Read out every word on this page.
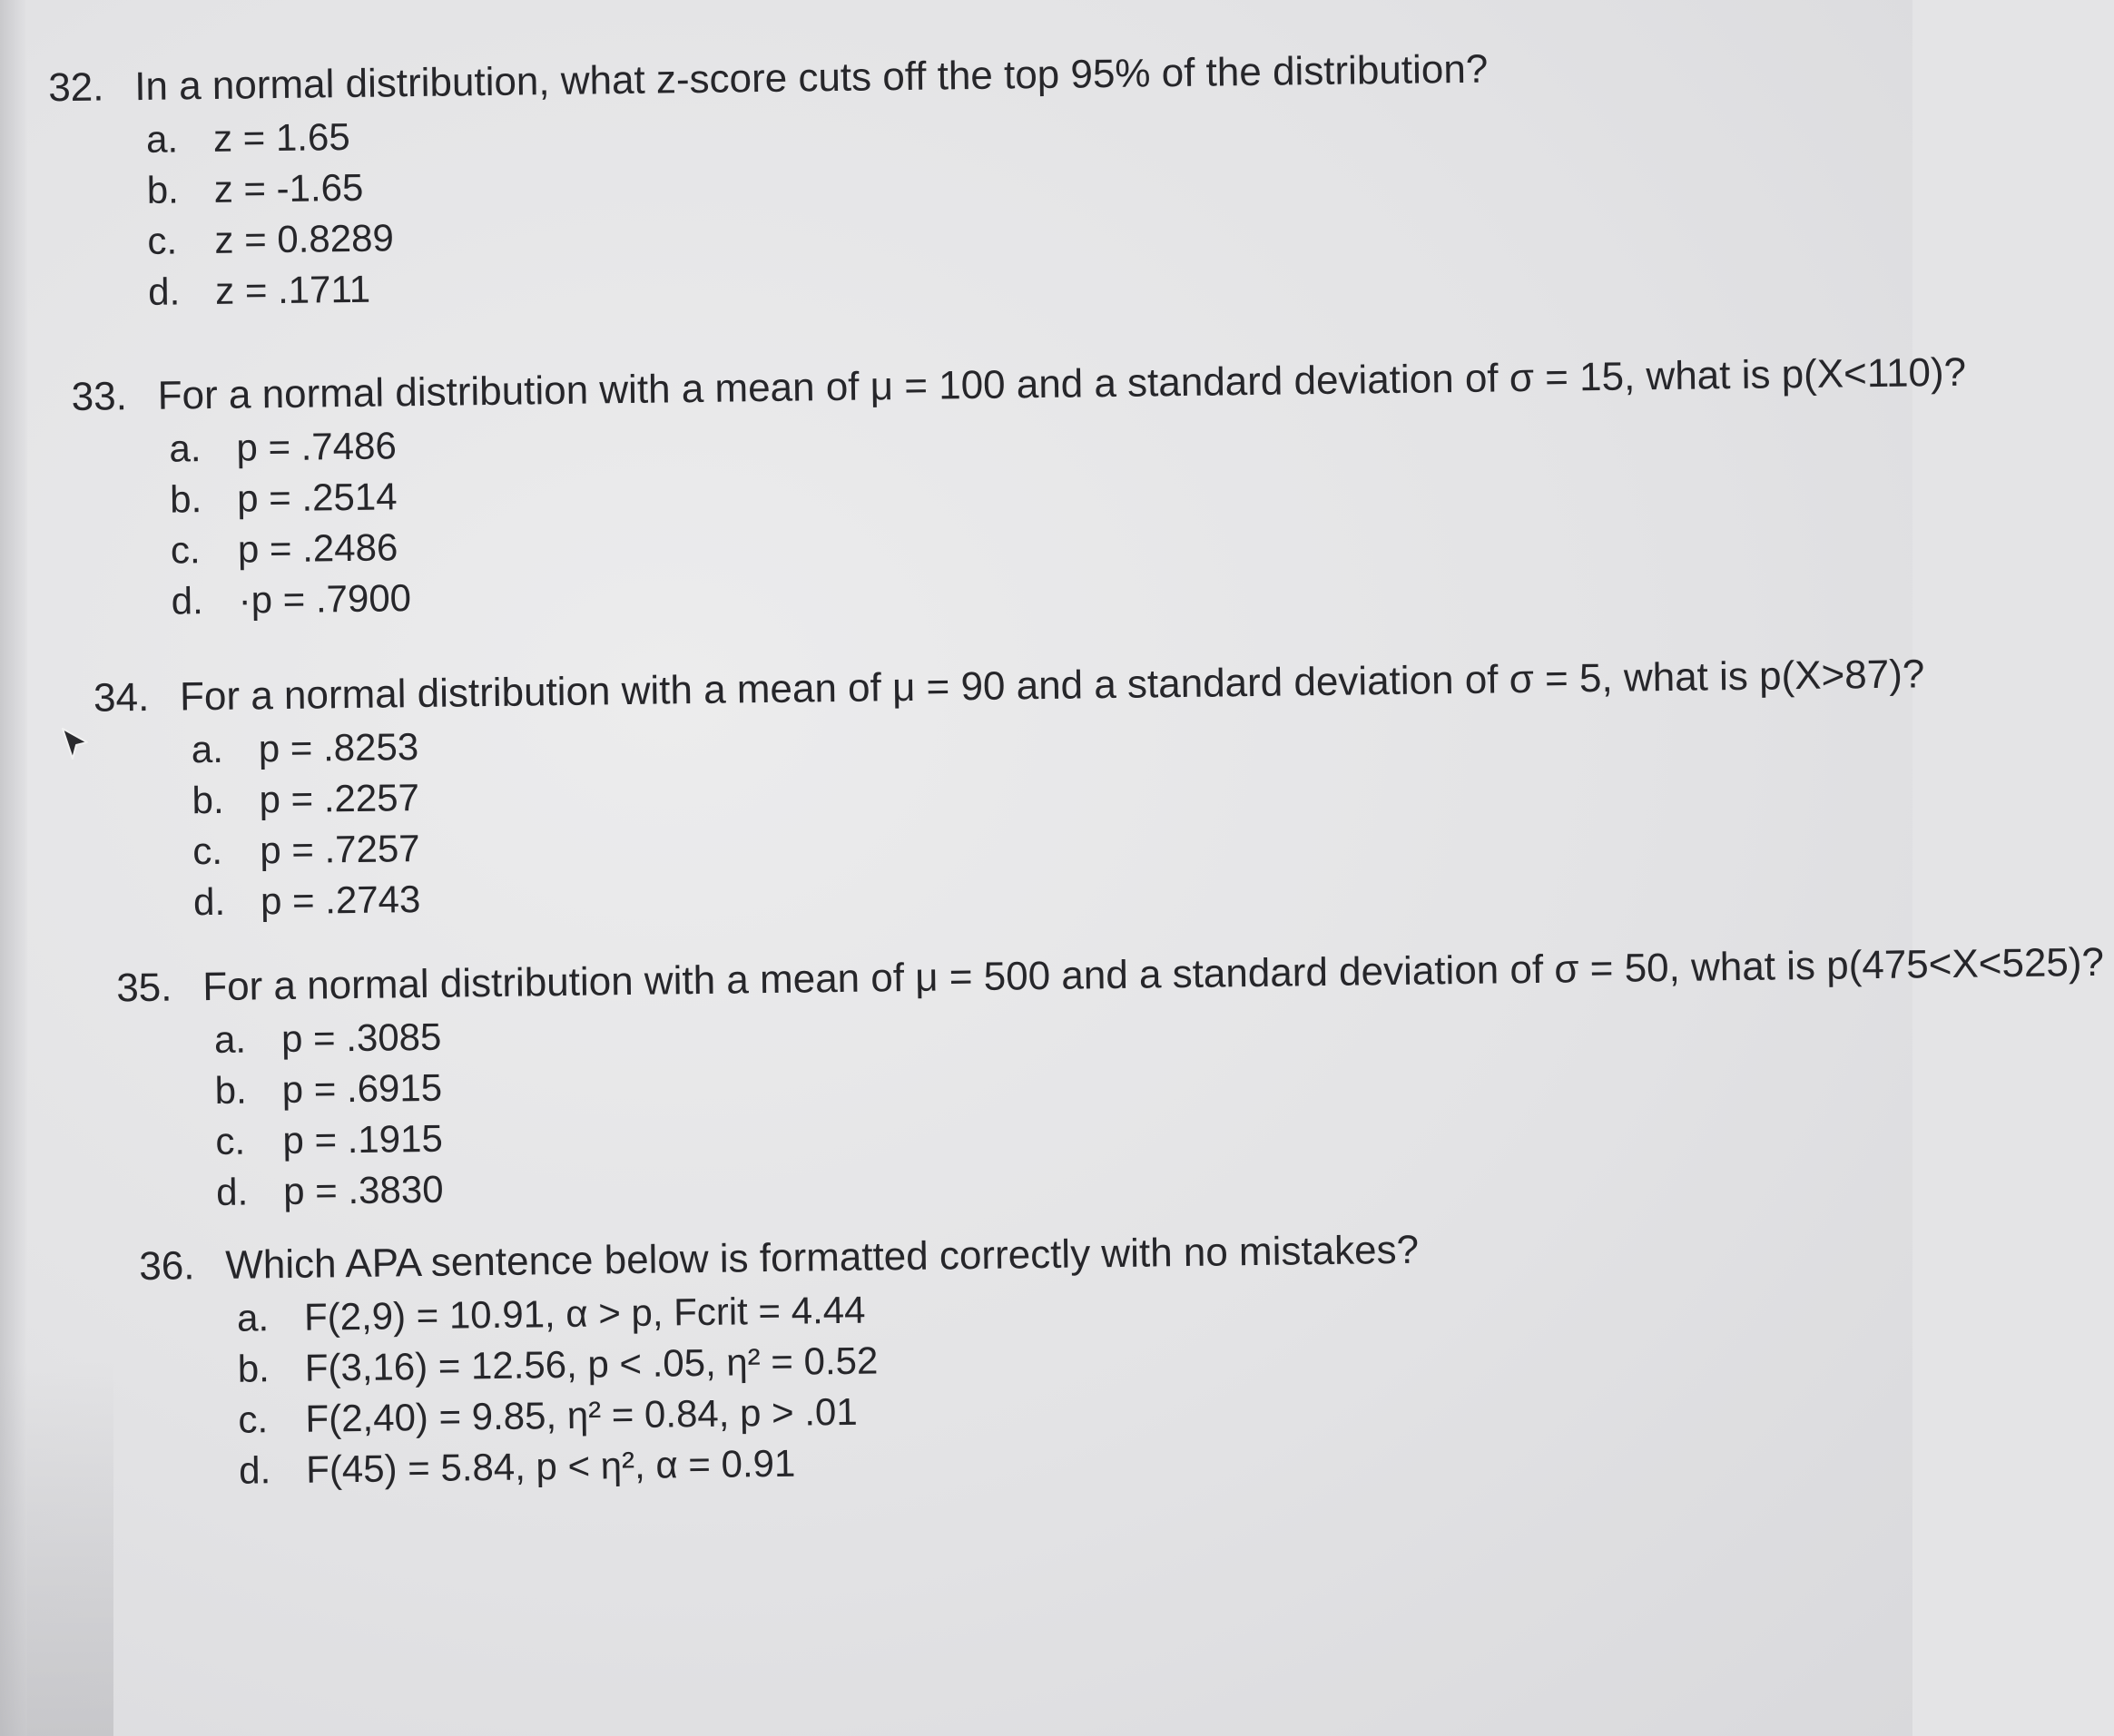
32. In a normal distribution, what z-score cuts off the top 95% of the distribution?
a. z = 1.65
b. z = -1.65
c. z = 0.8289
d. z = .1711
33. For a normal distribution with a mean of μ = 100 and a standard deviation of σ = 15, what is p(X<110)?
a. p = .7486
b. p = .2514
c. p = .2486
d. ·p = .7900
34. For a normal distribution with a mean of μ = 90 and a standard deviation of σ = 5, what is p(X>87)?
a. p = .8253
b. p = .2257
c. p = .7257
d. p = .2743
35. For a normal distribution with a mean of μ = 500 and a standard deviation of σ = 50, what is p(475<X<525)?
a. p = .3085
b. p = .6915
c. p = .1915
d. p = .3830
36. Which APA sentence below is formatted correctly with no mistakes?
a. F(2,9) = 10.91, α > p, Fcrit = 4.44
b. F(3,16) = 12.56, p < .05, η² = 0.52
c. F(2,40) = 9.85, η² = 0.84, p > .01
d. F(45) = 5.84, p < η², α = 0.91
